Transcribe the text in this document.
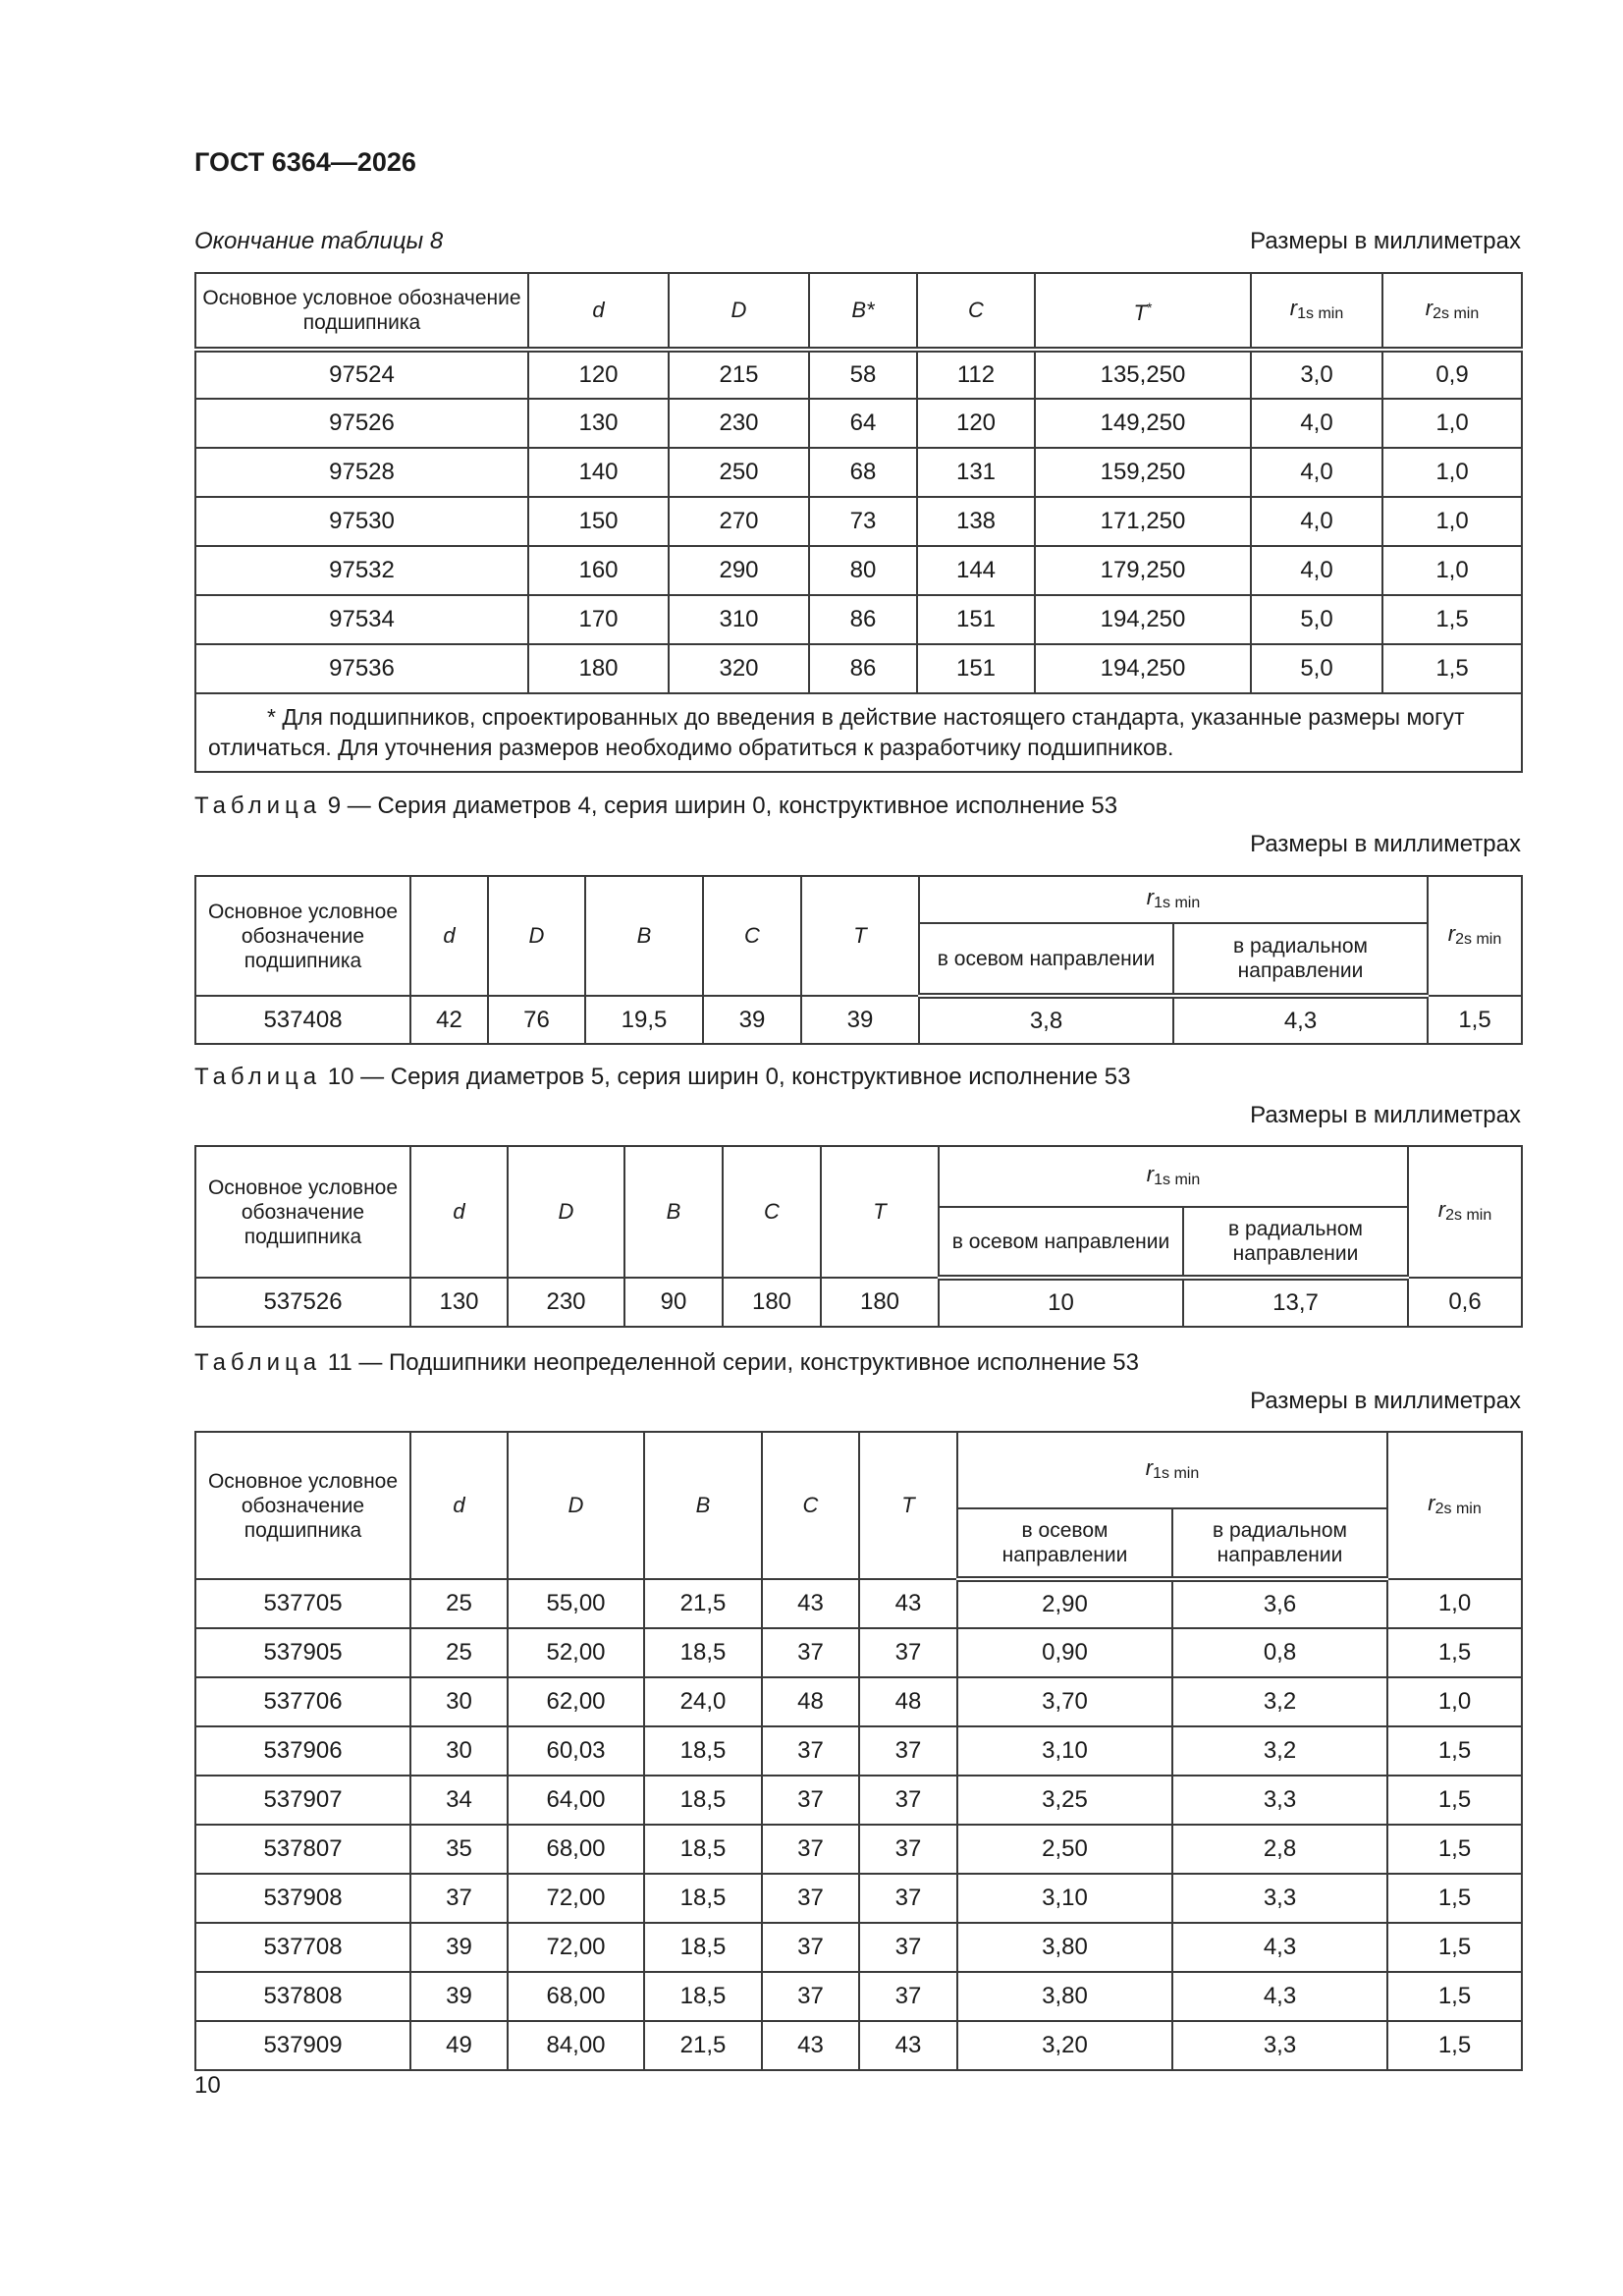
ГОСТ 6364—2026
Окончание таблицы 8	Размеры в миллиметрах
Основное условное обозначение подшипника	d	D	B*	C	T*	$r_{1s min}$	$r_{2s min}$
97524	120	215	58	112	135,250	3,0	0,9
97526	130	230	64	120	149,250	4,0	1,0
97528	140	250	68	131	159,250	4,0	1,0
97530	150	270	73	138	171,250	4,0	1,0
97532	160	290	80	144	179,250	4,0	1,0
97534	170	310	86	151	194,250	5,0	1,5
97536	180	320	86	151	194,250	5,0	1,5
* Для подшипников, спроектированных до введения в действие настоящего стандарта, указанные размеры могут отличаться. Для уточнения размеров необходимо обратиться к разработчику подшипников.							
Таблица 9 — Серия диаметров 4, серия ширин 0, конструктивное исполнение 53
Размеры в миллиметрах
Основное условное обозначение подшипника	d	D	B	C	T	$r_{1s min}$		$r_{2s min}$
						в осевом направлении	в радиальном направлении	
537408	42	76	19,5	39	39	3,8	4,3	1,5
Таблица 10 — Серия диаметров 5, серия ширин 0, конструктивное исполнение 53
Размеры в миллиметрах
Основное условное обозначение подшипника	d	D	B	C	T	$r_{1s min}$		$r_{2s min}$
						в осевом направлении	в радиальном направлении	
537526	130	230	90	180	180	10	13,7	0,6
Таблица 11 — Подшипники неопределенной серии, конструктивное исполнение 53
Размеры в миллиметрах
Основное условное обозначение подшипника	d	D	B	C	T	$r_{1s min}$		$r_{2s min}$
						в осевом направлении	в радиальном направлении	
537705	25	55,00	21,5	43	43	2,90	3,6	1,0
537905	25	52,00	18,5	37	37	0,90	0,8	1,5
537706	30	62,00	24,0	48	48	3,70	3,2	1,0
537906	30	60,03	18,5	37	37	3,10	3,2	1,5
537907	34	64,00	18,5	37	37	3,25	3,3	1,5
537807	35	68,00	18,5	37	37	2,50	2,8	1,5
537908	37	72,00	18,5	37	37	3,10	3,3	1,5
537708	39	72,00	18,5	37	37	3,80	4,3	1,5
537808	39	68,00	18,5	37	37	3,80	4,3	1,5
537909	49	84,00	21,5	43	43	3,20	3,3	1,5
10
